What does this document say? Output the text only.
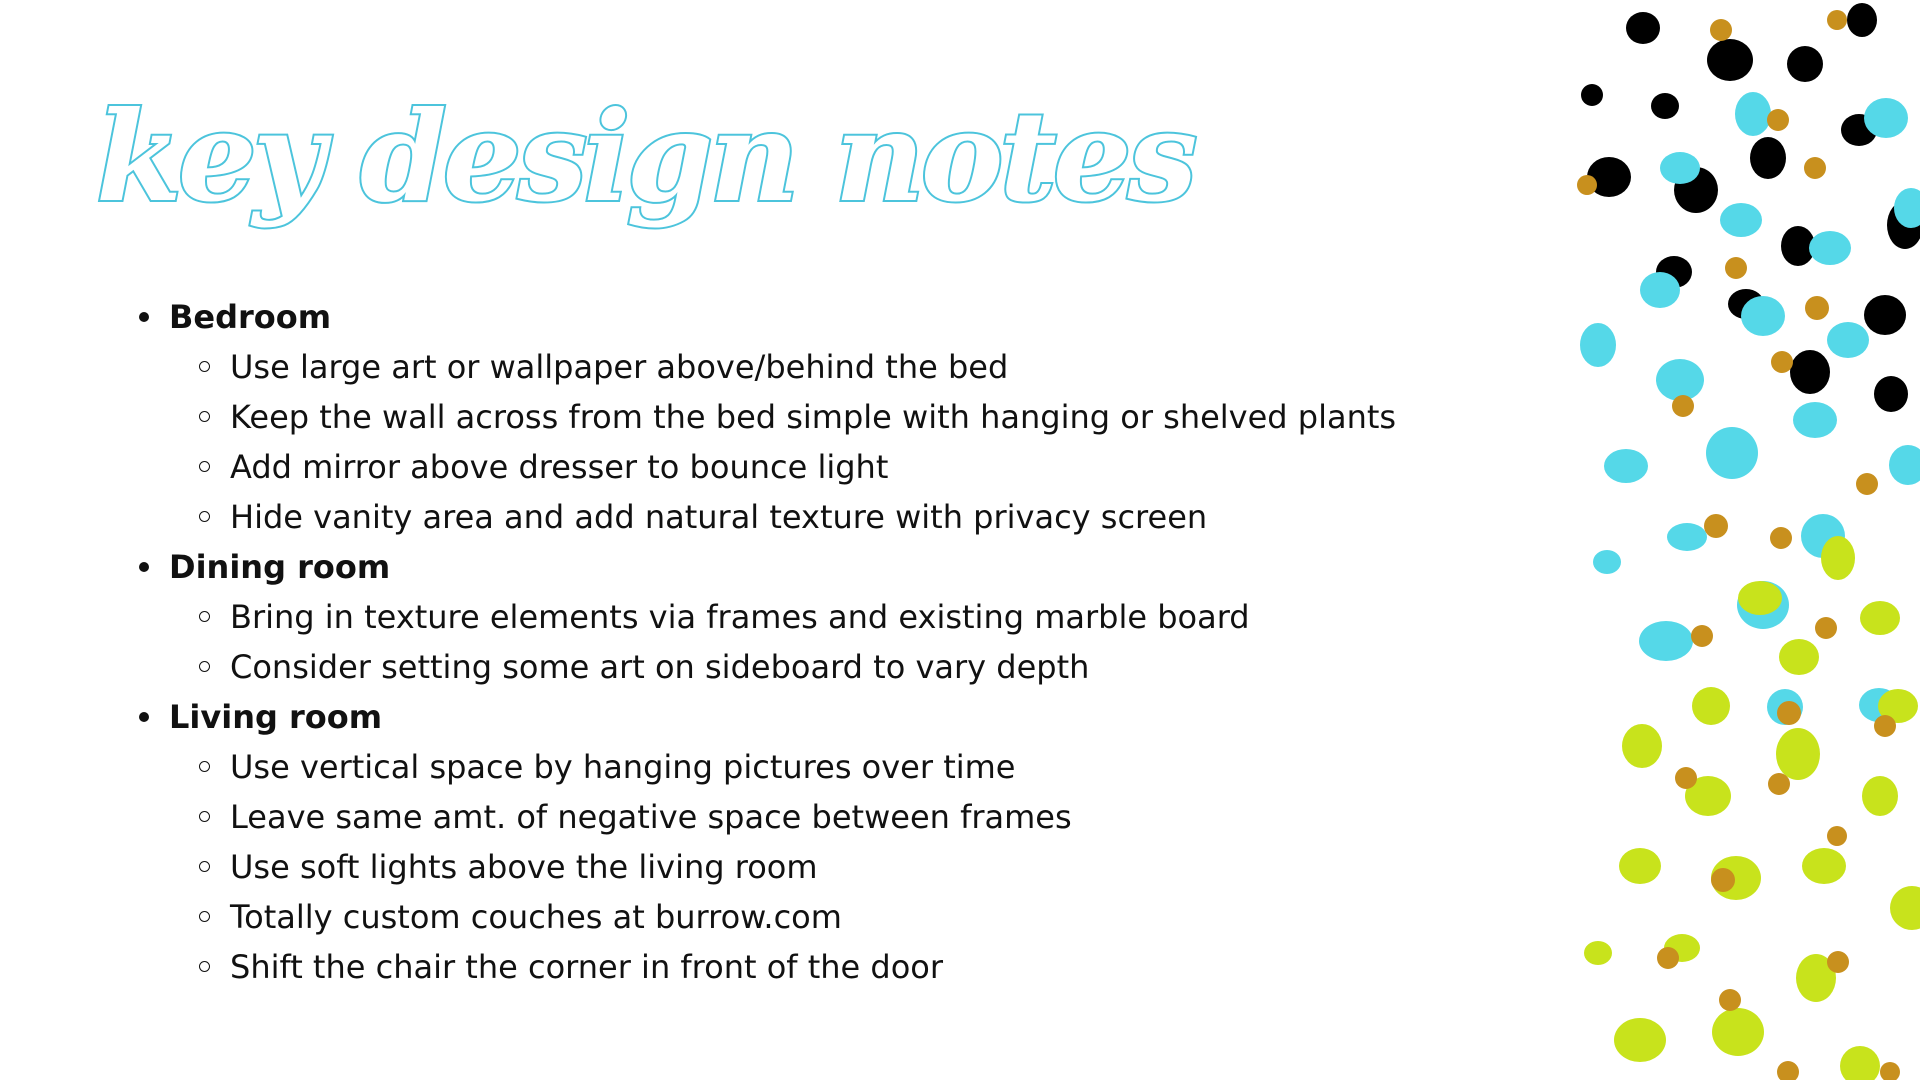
key design notes
Bedroom
Use large art or wallpaper above/behind the bed
Keep the wall across from the bed simple with hanging or shelved plants
Add mirror above dresser to bounce light
Hide vanity area and add natural texture with privacy screen
Dining room
Bring in texture elements via frames and existing marble board
Consider setting some art on sideboard to vary depth
Living room
Use vertical space by hanging pictures over time
Leave same amt. of negative space between frames
Use soft lights above the living room
Totally custom couches at burrow.com
Shift the chair the corner in front of the door
